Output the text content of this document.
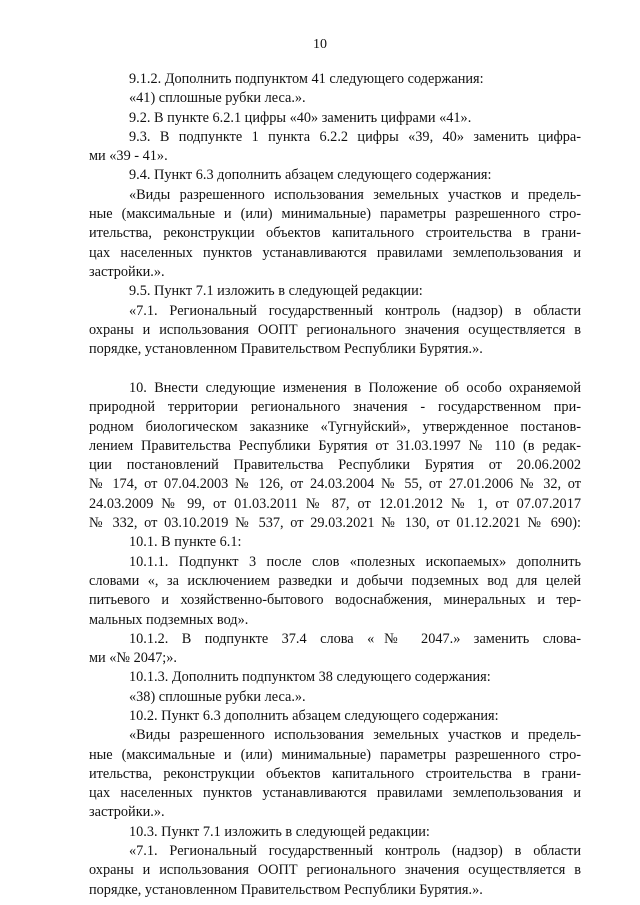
10
9.1.2. Дополнить подпунктом 41 следующего содержания:
«41) сплошные рубки леса.».
9.2. В пункте 6.2.1 цифры «40» заменить цифрами «41».
9.3. В подпункте 1 пункта 6.2.2 цифры «39, 40» заменить цифра-
ми «39 - 41».
9.4. Пункт 6.3 дополнить абзацем следующего содержания:
«Виды разрешенного использования земельных участков и предель-
ные (максимальные и (или) минимальные) параметры разрешенного стро-
ительства, реконструкции объектов капитального строительства в грани-
цах населенных пунктов устанавливаются правилами землепользования и
застройки.».
9.5. Пункт 7.1 изложить в следующей редакции:
«7.1. Региональный государственный контроль (надзор) в области
охраны и использования ООПТ регионального значения осуществляется в
порядке, установленном Правительством Республики Бурятия.».
10. Внести следующие изменения в Положение об особо охраняемой
природной территории регионального значения - государственном при-
родном биологическом заказнике «Тугнуйский», утвержденное постанов-
лением Правительства Республики Бурятия от 31.03.1997 № 110 (в редак-
ции постановлений Правительства Республики Бурятия от 20.06.2002
№ 174, от 07.04.2003 № 126, от 24.03.2004 № 55, от 27.01.2006 № 32, от
24.03.2009 № 99, от 01.03.2011 № 87, от 12.01.2012 № 1, от 07.07.2017
№ 332, от 03.10.2019 № 537, от 29.03.2021 № 130, от 01.12.2021 № 690):
10.1. В пункте 6.1:
10.1.1. Подпункт 3 после слов «полезных ископаемых» дополнить
словами «, за исключением разведки и добычи подземных вод для целей
питьевого и хозяйственно-бытового водоснабжения, минеральных и тер-
мальных подземных вод».
10.1.2. В подпункте 37.4 слова «№ 2047.» заменить слова-
ми «№ 2047;».
10.1.3. Дополнить подпунктом 38 следующего содержания:
«38) сплошные рубки леса.».
10.2. Пункт 6.3 дополнить абзацем следующего содержания:
«Виды разрешенного использования земельных участков и предель-
ные (максимальные и (или) минимальные) параметры разрешенного стро-
ительства, реконструкции объектов капитального строительства в грани-
цах населенных пунктов устанавливаются правилами землепользования и
застройки.».
10.3. Пункт 7.1 изложить в следующей редакции:
«7.1. Региональный государственный контроль (надзор) в области
охраны и использования ООПТ регионального значения осуществляется в
порядке, установленном Правительством Республики Бурятия.».
